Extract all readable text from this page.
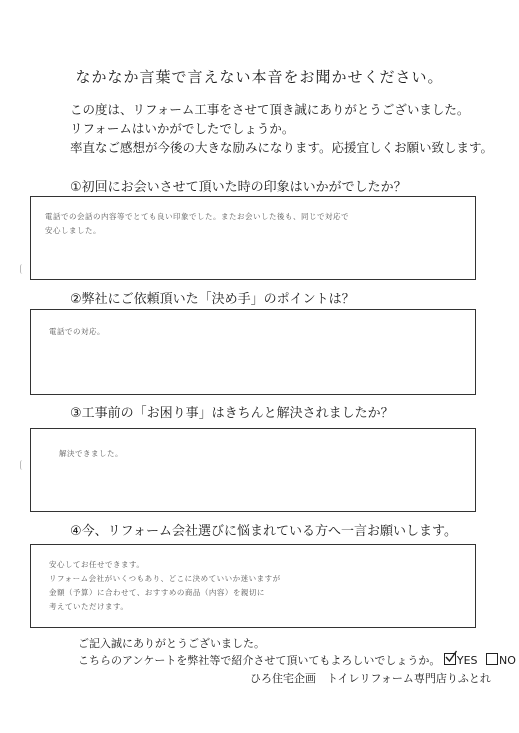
なかなか言葉で言えない本音をお聞かせください。
この度は、リフォーム工事をさせて頂き誠にありがとうございました。
リフォームはいかがでしたでしょうか。
率直なご感想が今後の大きな励みになります。応援宜しくお願い致します。
①初回にお会いさせて頂いた時の印象はいかがでしたか？
電話での会話の内容等でとても良い印象でした。またお会いした後も、同じで対応で
安心しました。
②弊社にご依頼頂いた「決め手」のポイントは？
電話での対応。
③工事前の「お困り事」はきちんと解決されましたか？
解決できました。
④今、リフォーム会社選びに悩まれている方へ一言お願いします。
安心してお任せできます。
リフォーム会社がいくつもあり、どこに決めていいか迷いますが
金額（予算）に合わせて、おすすめの商品（内容）を親切に
考えていただけます。
ご記入誠にありがとうございました。
こちらのアンケートを弊社等で紹介させて頂いてもよろしいでしょうか。 YES NO
ひろ住宅企画　トイレリフォーム専門店りふとれ
